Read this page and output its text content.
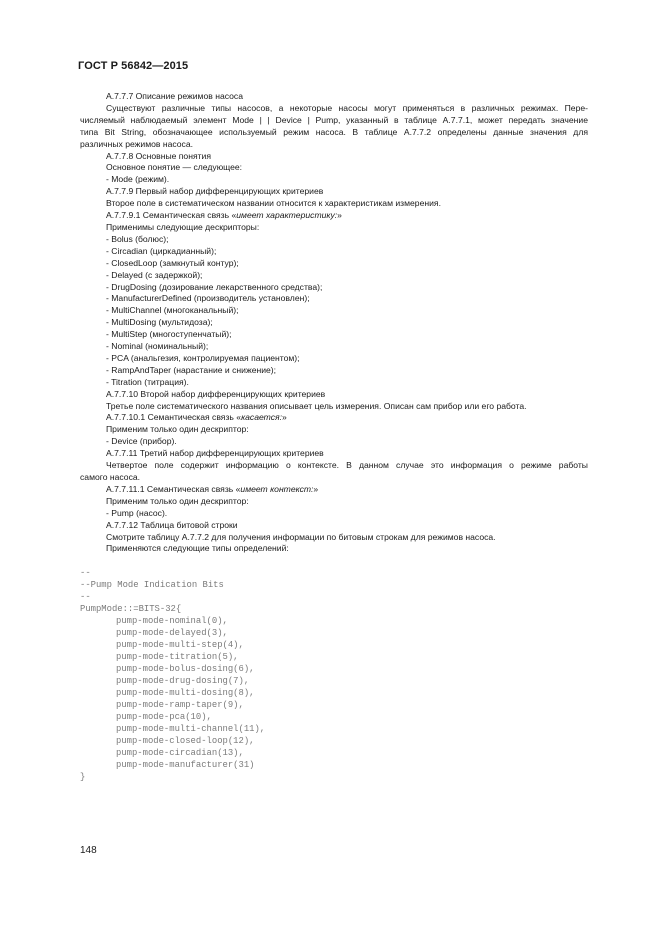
ГОСТ Р 56842—2015

A.7.7.7 Описание режимов насоса

Существуют различные типы насосов, а некоторые насосы могут применяться в различных режимах. Пере-

числяемый наблюдаемый элемент Mode | | Device | Pump, указанный в таблице А.7.7.1, может передать значение

типа Bit String, обозначающее используемый режим насоса. В таблице А.7.7.2 определены данные значения для

различных режимов насоса.

А.7.7.8 Основные понятия

Основное понятие — следующее:

- Mode (режим).

А.7.7.9 Первый набор дифференцирующих критериев

Второе поле в систематическом названии относится к характеристикам измерения.

А.7.7.9.1 Семантическая связь «имеет характеристику:»

Применимы следующие дескрипторы:

- Bolus (болюс);

- Circadian (циркадианный);

- ClosedLoop (замкнутый контур);

- Delayed (с задержкой);

- DrugDosing (дозирование лекарственного средства);

- ManufacturerDefined (производитель установлен);

- MultiChannel (многоканальный);

- MultiDosing (мультидоза);

- MultiStep (многоступенчатый);

- Nominal (номинальный);

- PCA (анальгезия, контролируемая пациентом);

- RampAndTaper (нарастание и снижение);

- Titration (титрация).

А.7.7.10 Второй набор дифференцирующих критериев

Третье поле систематического названия описывает цель измерения. Описан сам прибор или его работа.

А.7.7.10.1 Семантическая связь «касается:»

Применим только один дескриптор:

- Device (прибор).

А.7.7.11 Третий набор дифференцирующих критериев

Четвертое поле содержит информацию о контексте. В данном случае это информация о режиме работы

самого насоса.

А.7.7.11.1 Семантическая связь «имеет контекст:»

Применим только один дескриптор:

- Pump (насос).

А.7.7.12 Таблица битовой строки

Смотрите таблицу А.7.7.2 для получения информации по битовым строкам для режимов насоса.

Применяются следующие типы определений:

--
--Pump Mode Indication Bits
--
PumpMode::=BITS-32{
pump-mode-nominal(0),
pump-mode-delayed(3),
pump-mode-multi-step(4),
pump-mode-titration(5),
pump-mode-bolus-dosing(6),
pump-mode-drug-dosing(7),
pump-mode-multi-dosing(8),
pump-mode-ramp-taper(9),
pump-mode-pca(10),
pump-mode-multi-channel(11),
pump-mode-closed-loop(12),
pump-mode-circadian(13),
pump-mode-manufacturer(31)
}
148
